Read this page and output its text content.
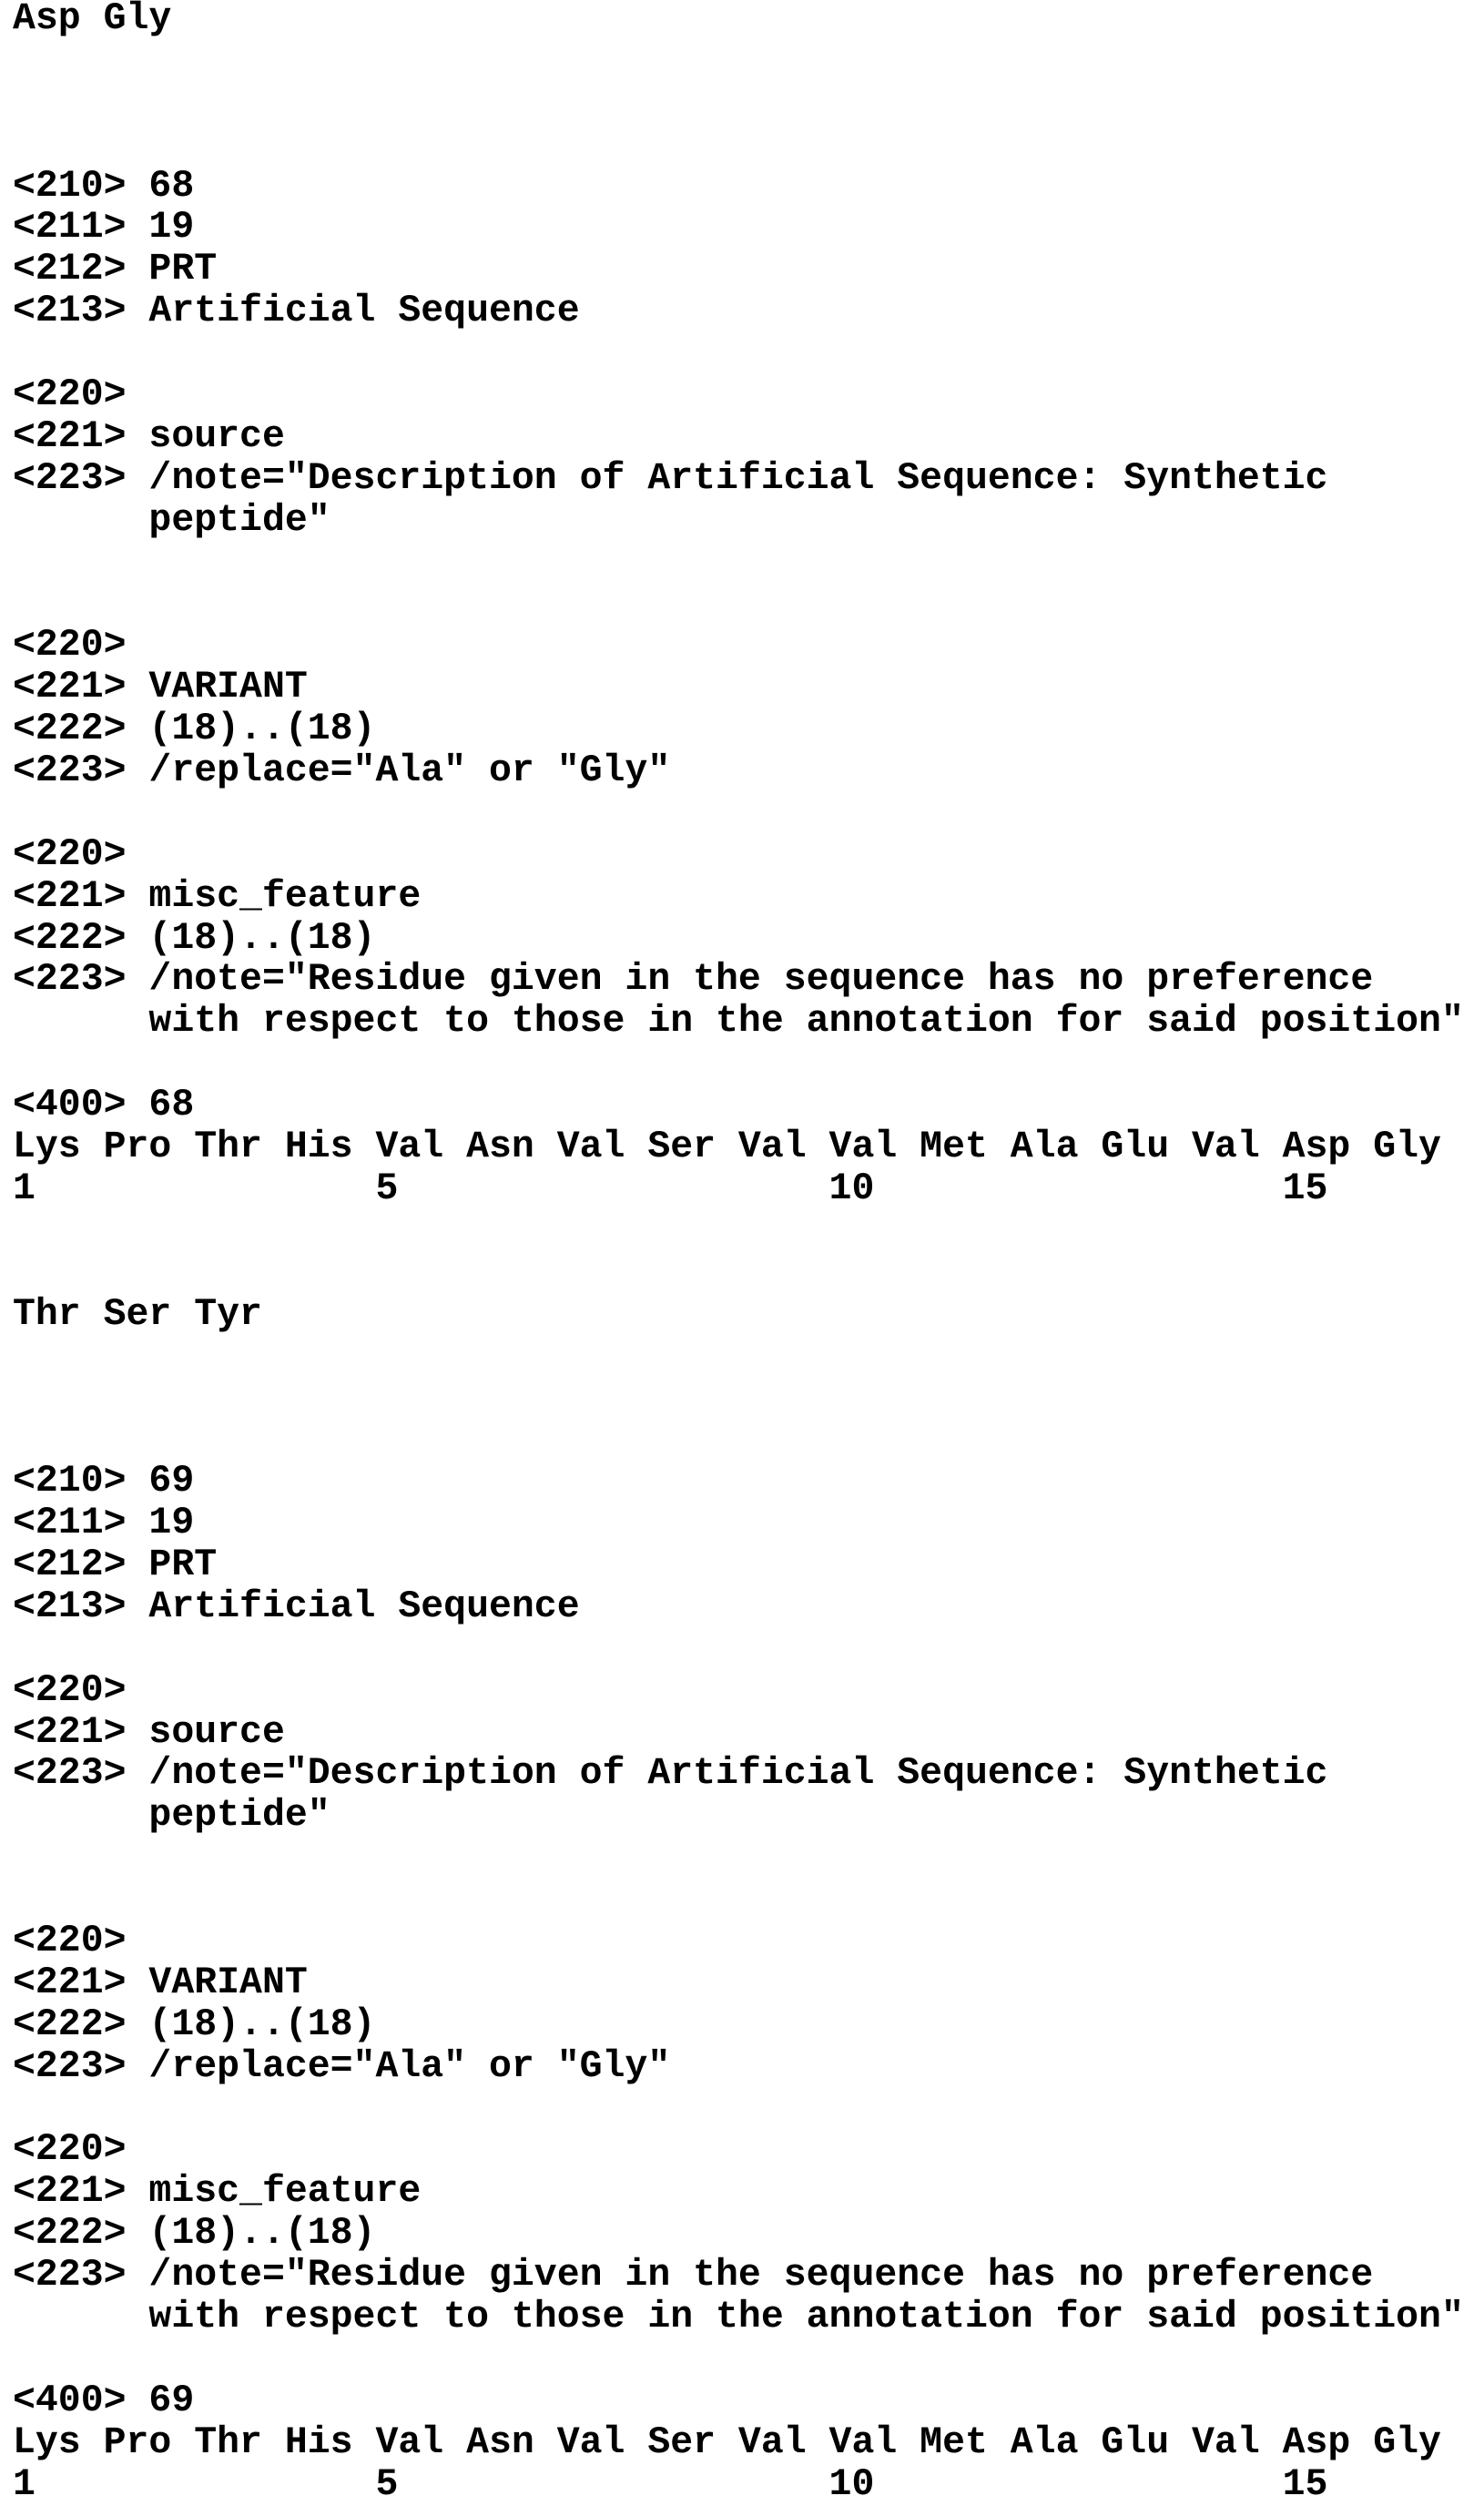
Asp Gly
<210> 68
<211> 19
<212> PRT
<213> Artificial Sequence
<220>
<221> source
<223> /note="Description of Artificial Sequence: Synthetic
peptide"
<220>
<221> VARIANT
<222> (18)..(18)
<223> /replace="Ala" or "Gly"
<220>
<221> misc_feature
<222> (18)..(18)
<223> /note="Residue given in the sequence has no preference
with respect to those in the annotation for said position"
<400> 68
Lys Pro Thr His Val Asn Val Ser Val Val Met Ala Glu Val Asp Gly
1               5                   10                  15
Thr Ser Tyr
<210> 69
<211> 19
<212> PRT
<213> Artificial Sequence
<220>
<221> source
<223> /note="Description of Artificial Sequence: Synthetic
peptide"
<220>
<221> VARIANT
<222> (18)..(18)
<223> /replace="Ala" or "Gly"
<220>
<221> misc_feature
<222> (18)..(18)
<223> /note="Residue given in the sequence has no preference
with respect to those in the annotation for said position"
<400> 69
Lys Pro Thr His Val Asn Val Ser Val Val Met Ala Glu Val Asp Gly
1               5                   10                  15
